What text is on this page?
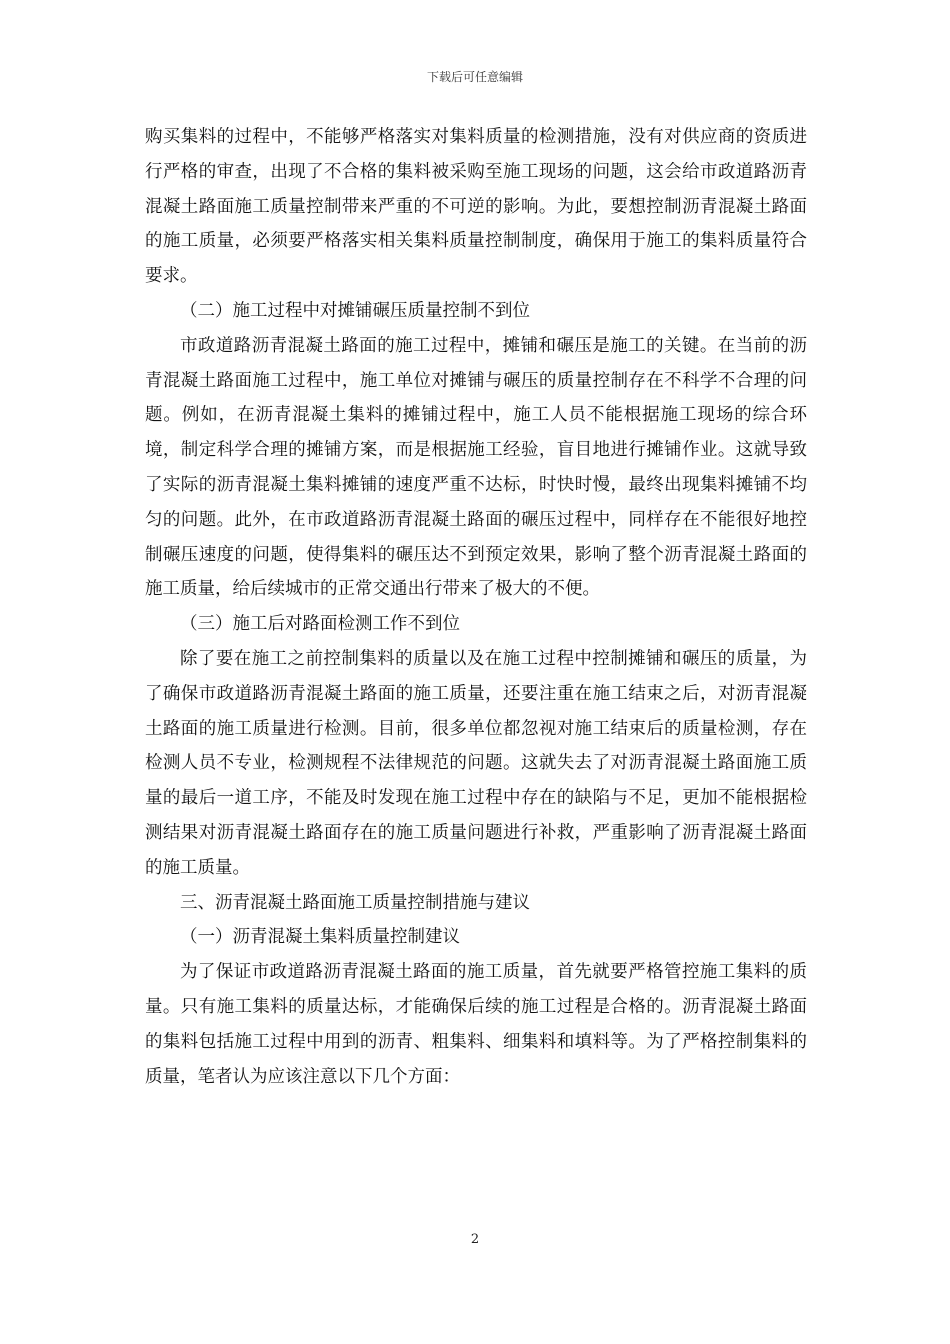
下载后可任意编辑

购买集料的过程中，不能够严格落实对集料质量的检测措施，没有对供应商的资质进行严格的审查，出现了不合格的集料被采购至施工现场的问题，这会给市政道路沥青混凝土路面施工质量控制带来严重的不可逆的影响。为此，要想控制沥青混凝土路面的施工质量，必须要严格落实相关集料质量控制制度，确保用于施工的集料质量符合要求。

（二）施工过程中对摊铺碾压质量控制不到位

市政道路沥青混凝土路面的施工过程中，摊铺和碾压是施工的关键。在当前的沥青混凝土路面施工过程中，施工单位对摊铺与碾压的质量控制存在不科学不合理的问题。例如，在沥青混凝土集料的摊铺过程中，施工人员不能根据施工现场的综合环境，制定科学合理的摊铺方案，而是根据施工经验，盲目地进行摊铺作业。这就导致了实际的沥青混凝土集料摊铺的速度严重不达标，时快时慢，最终出现集料摊铺不均匀的问题。此外，在市政道路沥青混凝土路面的碾压过程中，同样存在不能很好地控制碾压速度的问题，使得集料的碾压达不到预定效果，影响了整个沥青混凝土路面的施工质量，给后续城市的正常交通出行带来了极大的不便。

（三）施工后对路面检测工作不到位

除了要在施工之前控制集料的质量以及在施工过程中控制摊铺和碾压的质量，为了确保市政道路沥青混凝土路面的施工质量，还要注重在施工结束之后，对沥青混凝土路面的施工质量进行检测。目前，很多单位都忽视对施工结束后的质量检测，存在检测人员不专业，检测规程不法律规范的问题。这就失去了对沥青混凝土路面施工质量的最后一道工序，不能及时发现在施工过程中存在的缺陷与不足，更加不能根据检测结果对沥青混凝土路面存在的施工质量问题进行补救，严重影响了沥青混凝土路面的施工质量。

三、沥青混凝土路面施工质量控制措施与建议

（一）沥青混凝土集料质量控制建议

为了保证市政道路沥青混凝土路面的施工质量，首先就要严格管控施工集料的质量。只有施工集料的质量达标，才能确保后续的施工过程是合格的。沥青混凝土路面的集料包括施工过程中用到的沥青、粗集料、细集料和填料等。为了严格控制集料的质量，笔者认为应该注意以下几个方面：

2
